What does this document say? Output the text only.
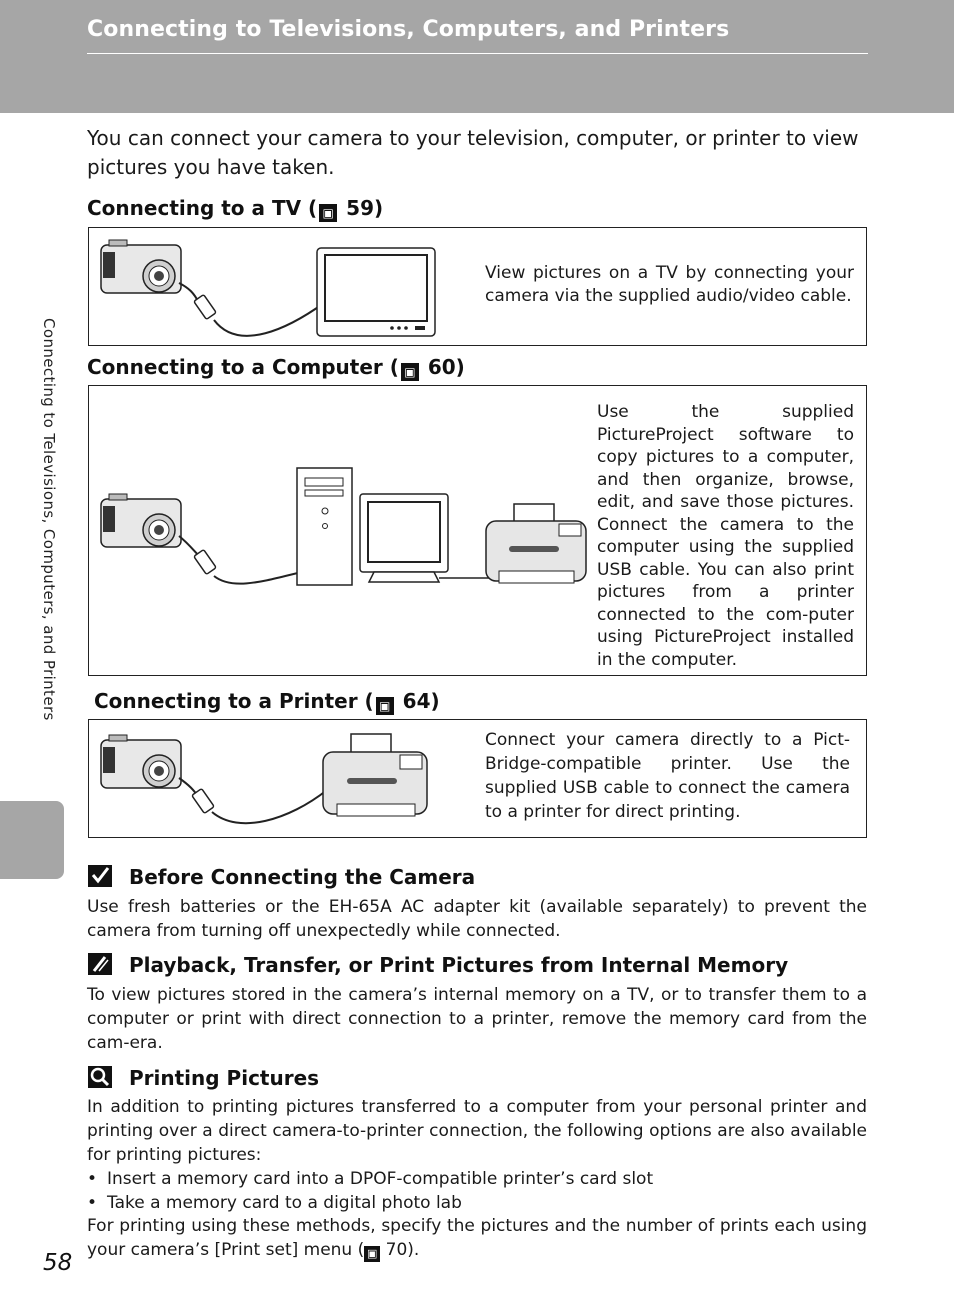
Connecting to Televisions, Computers, and Printers
Connecting to Televisions, Computers, and Printers
You can connect your camera to your television, computer, or printer to view pictures you have taken.
Connecting to a TV ( ▣ 59)
View pictures on a TV by connecting your camera via the supplied audio/video cable.
Connecting to a Computer ( ▣ 60)
Use the supplied PictureProject software to copy pictures to a computer, and then organize, browse, edit, and save those pictures. Connect the camera to the computer using the supplied USB cable. You can also print pictures from a printer connected to the com-puter using PictureProject installed in the computer.
Connecting to a Printer ( ▣ 64)
Connect your camera directly to a Pict-Bridge-compatible printer. Use the supplied USB cable to connect the camera to a printer for direct printing.
Before Connecting the Camera
Use fresh batteries or the EH-65A AC adapter kit (available separately) to prevent the camera from turning off unexpectedly while connected.
Playback, Transfer, or Print Pictures from Internal Memory
To view pictures stored in the camera’s internal memory on a TV, or to transfer them to a computer or print with direct connection to a printer, remove the memory card from the cam-era.
Printing Pictures
In addition to printing pictures transferred to a computer from your personal printer and printing over a direct camera-to-printer connection, the following options are also available for printing pictures:
• Insert a memory card into a DPOF-compatible printer’s card slot
• Take a memory card to a digital photo lab
For printing using these methods, specify the pictures and the number of prints each using your camera’s [Print set] menu ( ▣ 70).
58
